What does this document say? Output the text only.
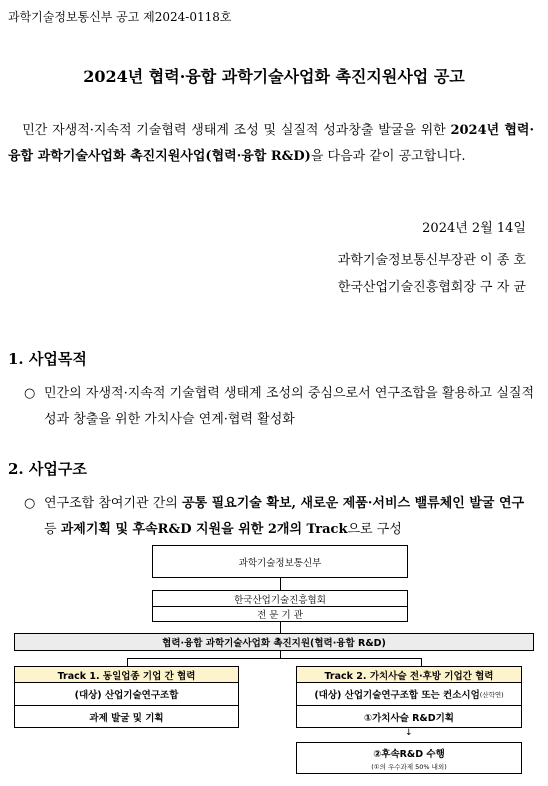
과학기술정보통신부 공고 제2024-0118호
2024년 협력·융합 과학기술사업화 촉진지원사업 공고

민간 자생적·지속적 기술협력 생태계 조성 및 실질적 성과창출 발굴을 위한 2024년 협력·융합 과학기술사업화 촉진지원사업(협력·융합 R&D)을 다음과 같이 공고합니다.

2024년 2월 14일
과학기술정보통신부장관 이 종 호
한국산업기술진흥협회장 구 자 균
1. 사업목적
○ 민간의 자생적·지속적 기술협력 생태계 조성의 중심으로서 연구조합을 활용하고 실질적 성과 창출을 위한 가치사슬 연계·협력 활성화
2. 사업구조
○ 연구조합 참여기관 간의 공통 필요기술 확보, 새로운 제품·서비스 밸류체인 발굴 연구 등 과제기획 및 후속R&D 지원을 위한 2개의 Track으로 구성
과학기술정보통신부
한국산업기술진흥협회
전 문 기 관
협력·융합 과학기술사업화 촉진지원(협력·융합 R&D)
Track 1. 동일업종 기업 간 협력
(대상) 산업기술연구조합
과제 발굴 및 기획
Track 2. 가치사슬 전·후방 기업간 협력
(대상) 산업기술연구조합 또는 컨소시엄 (산학연)
①가치사슬 R&D기획
↓
②후속R&D 수행
(①의 우수과제 50% 내외)
